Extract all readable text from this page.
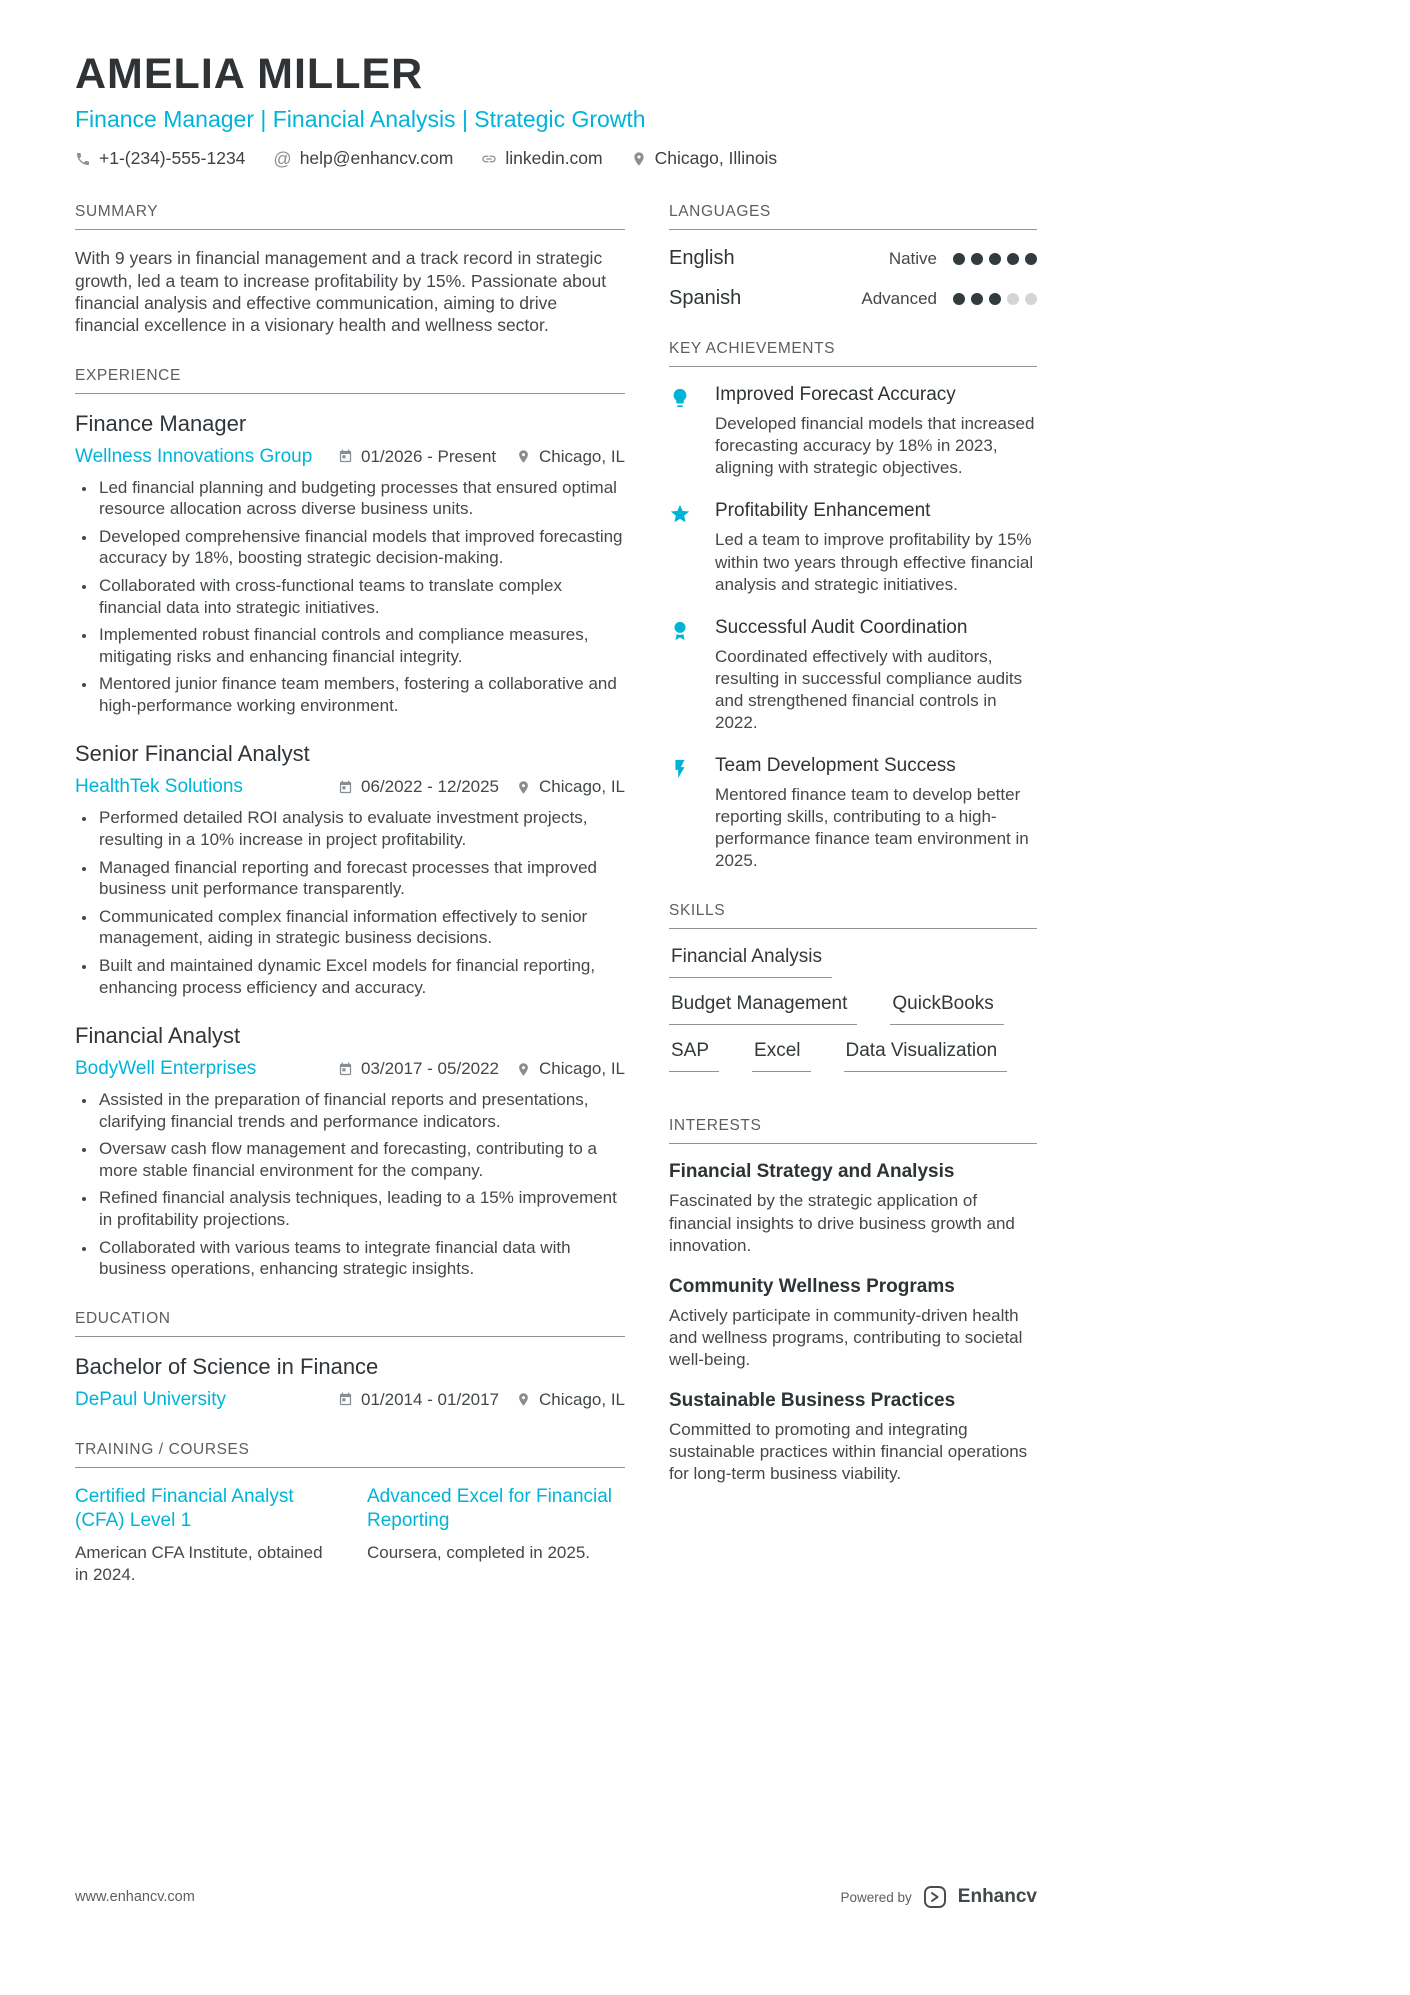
AMELIA MILLER
Finance Manager | Financial Analysis | Strategic Growth
+1-(234)-555-1234 @ help@enhancv.com	linkedin.com	Chicago, Illinois
SUMMARY

With 9 years in financial management and a track record in strategic growth, led a team to increase profitability by 15%. Passionate about financial analysis and effective communication, aiming to drive financial excellence in a visionary health and wellness sector.

EXPERIENCE
Finance Manager
Wellness Innovations Group	01/2026 - Present	Chicago, IL
• Led financial planning and budgeting processes that ensured optimal resource allocation across diverse business units.
• Developed comprehensive financial models that improved forecasting accuracy by 18%, boosting strategic decision-making.
• Collaborated with cross-functional teams to translate complex financial data into strategic initiatives.
• Implemented robust financial controls and compliance measures, mitigating risks and enhancing financial integrity.
• Mentored junior finance team members, fostering a collaborative and high-performance working environment.
Senior Financial Analyst
HealthTek Solutions	06/2022 - 12/2025 Chicago, IL
• Performed detailed ROI analysis to evaluate investment projects, resulting in a 10% increase in project profitability.
• Managed financial reporting and forecast processes that improved business unit performance transparently.
• Communicated complex financial information effectively to senior management, aiding in strategic business decisions.
• Built and maintained dynamic Excel models for financial reporting, enhancing process efficiency and accuracy.
Financial Analyst
BodyWell Enterprises	03/2017 - 05/2022 Chicago, IL
• Assisted in the preparation of financial reports and presentations, clarifying financial trends and performance indicators.
• Oversaw cash flow management and forecasting, contributing to a more stable financial environment for the company.
• Refined financial analysis techniques, leading to a 15% improvement in profitability projections.
• Collaborated with various teams to integrate financial data with business operations, enhancing strategic insights.
EDUCATION
Bachelor of Science in Finance
DePaul University	01/2014 - 01/2017 Chicago, IL
TRAINING / COURSES
Certified Financial Analyst (CFA) Level 1
American CFA Institute, obtained in 2024.
Advanced Excel for Financial Reporting
Coursera, completed in 2025.
LANGUAGES
English	Native
Spanish	Advanced
KEY ACHIEVEMENTS
Improved Forecast Accuracy
Developed financial models that increased forecasting accuracy by 18% in 2023, aligning with strategic objectives.
Profitability Enhancement
Led a team to improve profitability by 15% within two years through effective financial analysis and strategic initiatives.
Successful Audit Coordination
Coordinated effectively with auditors, resulting in successful compliance audits and strengthened financial controls in 2022.
Team Development Success
Mentored finance team to develop better reporting skills, contributing to a high-performance finance team environment in 2025.
SKILLS
Financial Analysis
Budget Management	QuickBooks
SAP	Excel	Data Visualization
INTERESTS
Financial Strategy and Analysis
Fascinated by the strategic application of financial insights to drive business growth and innovation.
Community Wellness Programs
Actively participate in community-driven health and wellness programs, contributing to societal well-being.
Sustainable Business Practices
Committed to promoting and integrating sustainable practices within financial operations for long-term business viability.
www.enhancv.com	Powered by Enhancv
